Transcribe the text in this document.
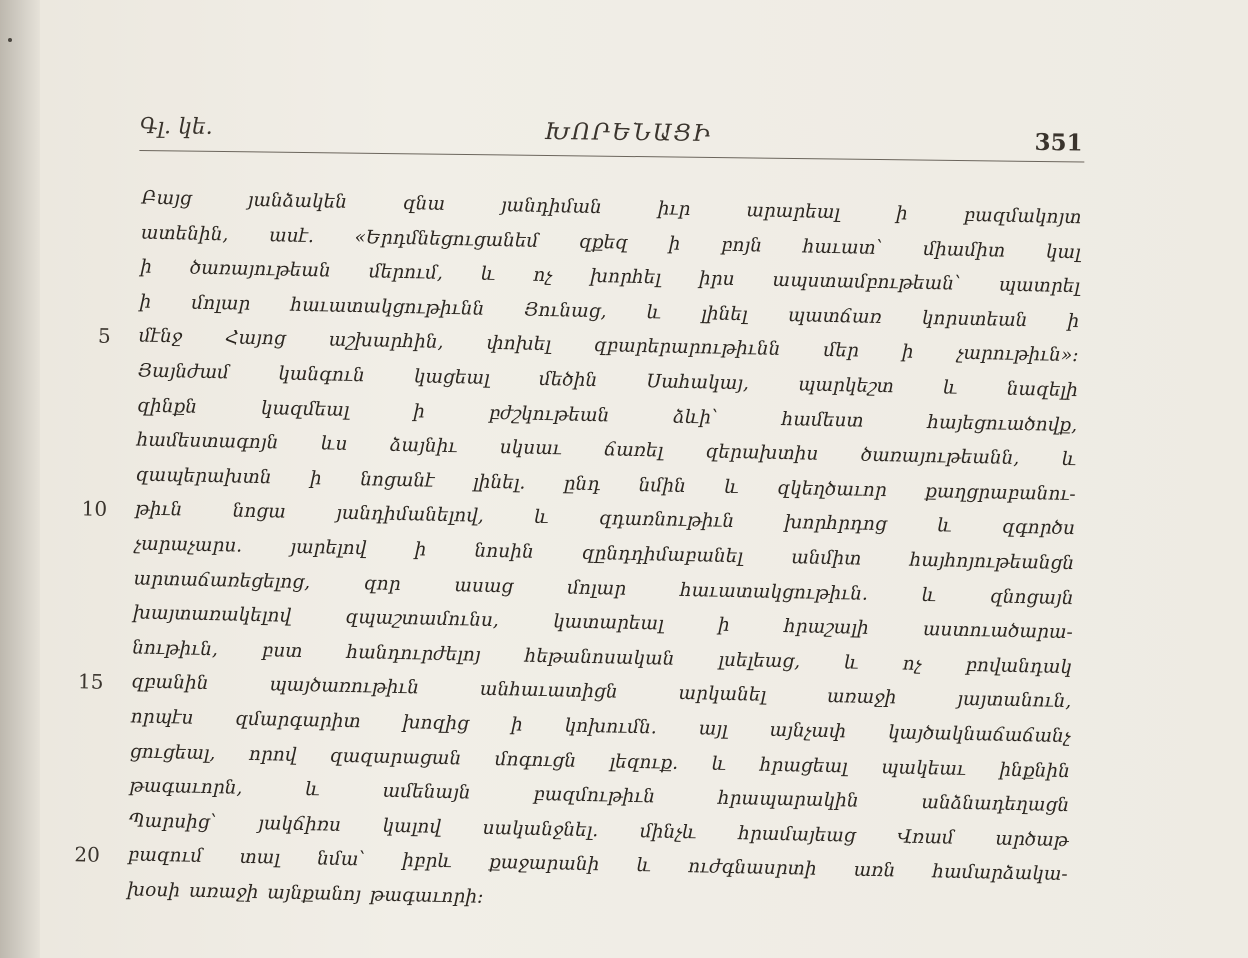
Գլ. կե.	ԽՈՐԵՆԱՑԻ	351
Բայց յանձակեն զնա յանդիման իւր արարեալ ի բազմակոյտ
ատենին, ասէ. «Երդմնեցուցանեմ զքեզ ի բոյն հաւատ՝ միամիտ կալ
ի ծառայութեան մերում, և ոչ խորհել իրս ապստամբութեան՝ պատրել
ի մոլար հաւատակցութիւնն Յունաց, և լինել պատճառ կորստեան ի
5 մէնջ Հայոց աշխարհին, փոխել զբարերարութիւնն մեր ի չարութիւն»։
Յայնժամ կանգուն կացեալ մեծին Սահակայ, պարկեշտ և նազելի
զինքն կազմեալ ի բժշկութեան ձևի՝ համեստ հայեցուածովք,
համեստագոյն ևս ձայնիւ սկսաւ ճառել զերախտիս ծառայութեանն, և
զապերախտն ի նոցանէ լինել. ընդ նմին և զկեղծաւոր քաղցրաբանու-
10 թիւն նոցա յանդիմանելով, և զդառնութիւն խորհրդոց և զգործս
չարաչարս. յարելով ի նոսին զընդդիմաբանել անմիտ հայհոյութեանցն
արտաճառեցելոց, զոր ասաց մոլար հաւատակցութիւն. և զնոցայն
խայտառակելով զպաշտամունս, կատարեալ ի հրաշալի աստուածարա-
նութիւն, բստ հանդուրժելոյ հեթանոսական լսելեաց, և ոչ բովանդակ
15 զբանին պայծառութիւն անհաւատիցն արկանել առաջի յայտանուն,
որպէս զմարգարիտ խոզից ի կոխումն. այլ այնչափ կայծակնաճաճանչ
ցուցեալ, որով զազարացան մոգուցն լեզուք. և հրացեալ պակեաւ ինքնին
թագաւորն, և ամենայն բազմութիւն հրապարակին անձնադեղացն
Պարսից՝ յակճիռս կալով սականջնել. մինչև հրամայեաց Վռամ արծաթ
20 բազում տալ նմա՝ իբրև քաջարանի և ուժգնասրտի առն համարձակա-
խօսի առաջի այնքանոյ թագաւորի։
